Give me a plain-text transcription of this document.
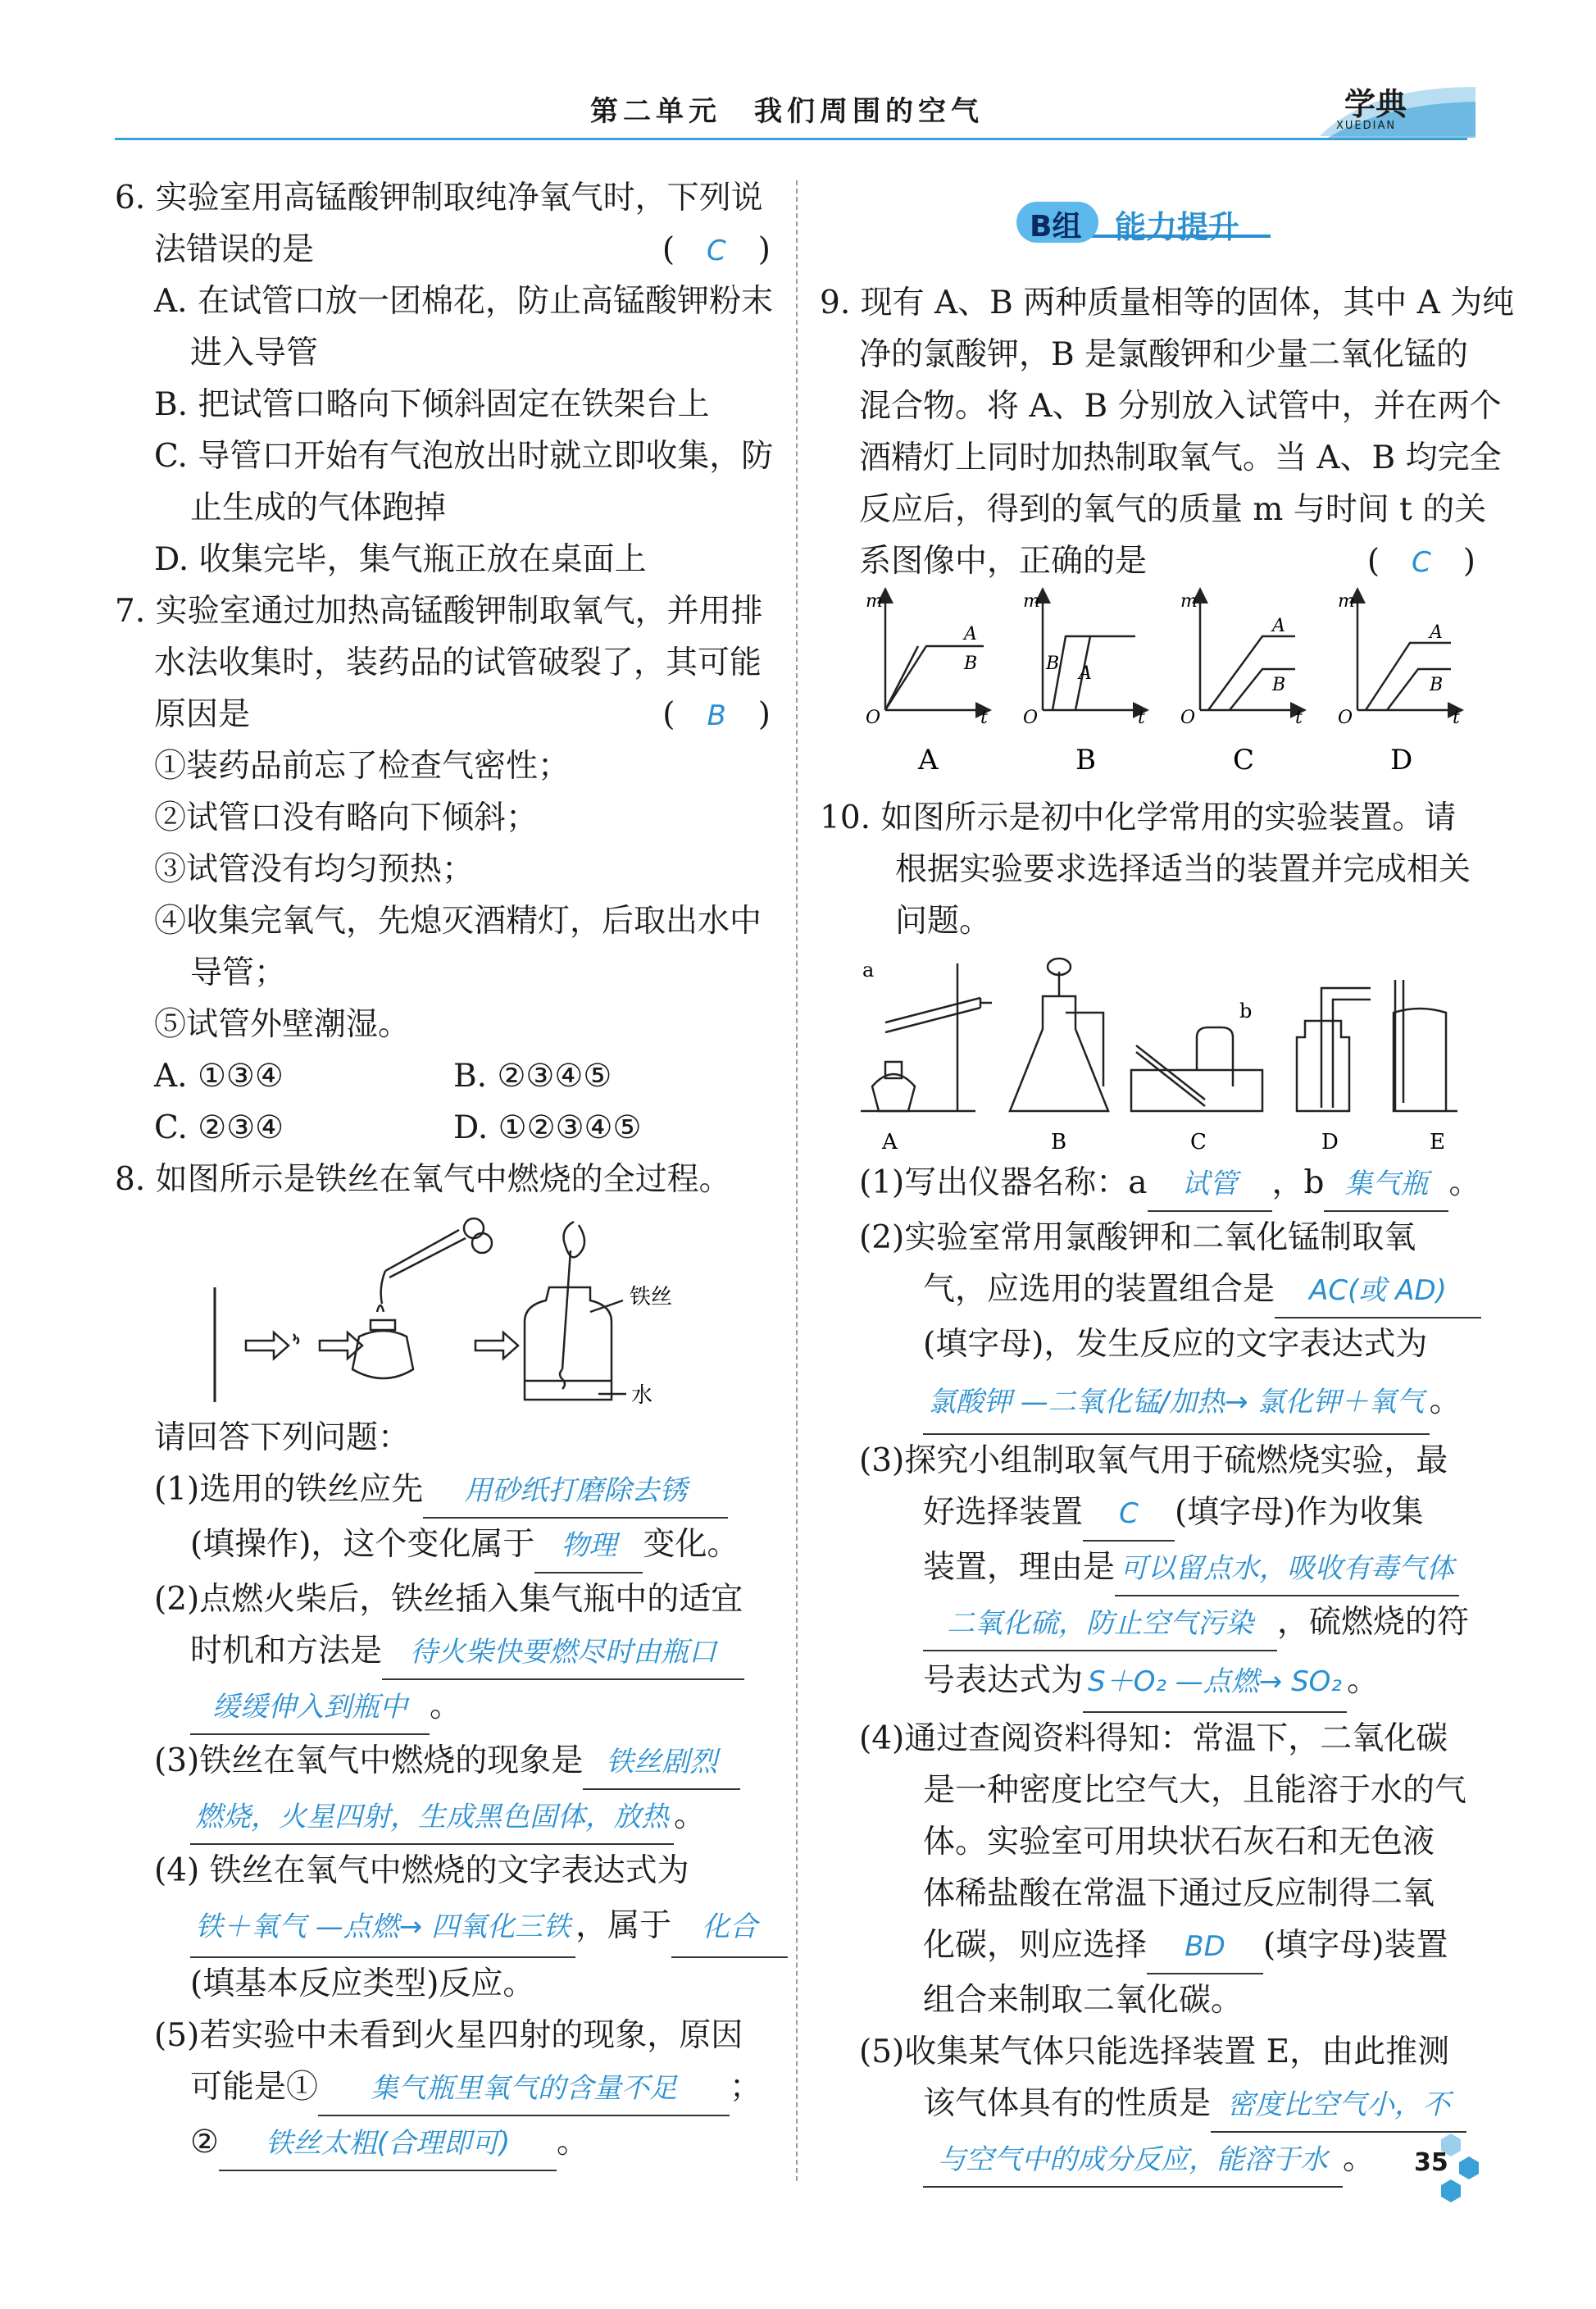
第二单元　我们周围的空气	学典
XUEDIAN

6. 实验室用高锰酸钾制取纯净氧气时，下列说

法错误的是	(　C　)

A. 在试管口放一团棉花，防止高锰酸钾粉末

进入导管

B. 把试管口略向下倾斜固定在铁架台上

C. 导管口开始有气泡放出时就立即收集，防

止生成的气体跑掉

D. 收集完毕，集气瓶正放在桌面上

7. 实验室通过加热高锰酸钾制取氧气，并用排

水法收集时，装药品的试管破裂了，其可能

原因是	(　B　)

①装药品前忘了检查气密性；

②试管口没有略向下倾斜；

③试管没有均匀预热；

④收集完氧气，先熄灭酒精灯，后取出水中

导管；

⑤试管外壁潮湿。

A. ①③④	B. ②③④⑤

C. ②③④	D. ①②③④⑤

8. 如图所示是铁丝在氧气中燃烧的全过程。

铁丝
水

请回答下列问题：

(1)选用的铁丝应先 用砂纸打磨除去锈

(填操作)，这个变化属于 物理 变化。

(2)点燃火柴后，铁丝插入集气瓶中的适宜

时机和方法是 待火柴快要燃尽时由瓶口

缓缓伸入到瓶中 。

(3)铁丝在氧气中燃烧的现象是 铁丝剧烈

燃烧，火星四射，生成黑色固体，放热 。

(4) 铁丝在氧气中燃烧的文字表达式为

铁＋氧气 —点燃→ 四氧化三铁 ，属于 化合

(填基本反应类型)反应。

(5)若实验中未看到火星四射的现象，原因

可能是① 集气瓶里氧气的含量不足 ；

② 铁丝太粗(合理即可) 。

B组 能力提升

9. 现有 A、B 两种质量相等的固体，其中 A 为纯

净的氯酸钾，B 是氯酸钾和少量二氧化锰的

混合物。将 A、B 分别放入试管中，并在两个

酒精灯上同时加热制取氧气。当 A、B 均完全

反应后，得到的氧气的质量 m 与时间 t 的关

系图像中，正确的是	(　C　)

m
O	t
A
B
m
O	t
B A
m
O	t
A
B
m
O	t
A
B
A	B	C	D

10. 如图所示是初中化学常用的实验装置。请

根据实验要求选择适当的装置并完成相关

问题。

a
b
A	B	C	D	E

(1)写出仪器名称：a 试管 ，b 集气瓶 。

(2)实验室常用氯酸钾和二氧化锰制取氧

气，应选用的装置组合是 AC(或 AD)

(填字母)，发生反应的文字表达式为

氯酸钾 —二氧化锰/加热→ 氯化钾＋氧气 。

(3)探究小组制取氧气用于硫燃烧实验，最

好选择装置 C (填字母)作为收集

装置，理由是 可以留点水，吸收有毒气体

二氧化硫，防止空气污染 ，硫燃烧的符

号表达式为 S＋O₂ —点燃→ SO₂ 。

(4)通过查阅资料得知：常温下，二氧化碳

是一种密度比空气大，且能溶于水的气

体。实验室可用块状石灰石和无色液

体稀盐酸在常温下通过反应制得二氧

化碳，则应选择 BD (填字母)装置

组合来制取二氧化碳。

(5)收集某气体只能选择装置 E，由此推测

该气体具有的性质是 密度比空气小，不

与空气中的成分反应，能溶于水 。	35
